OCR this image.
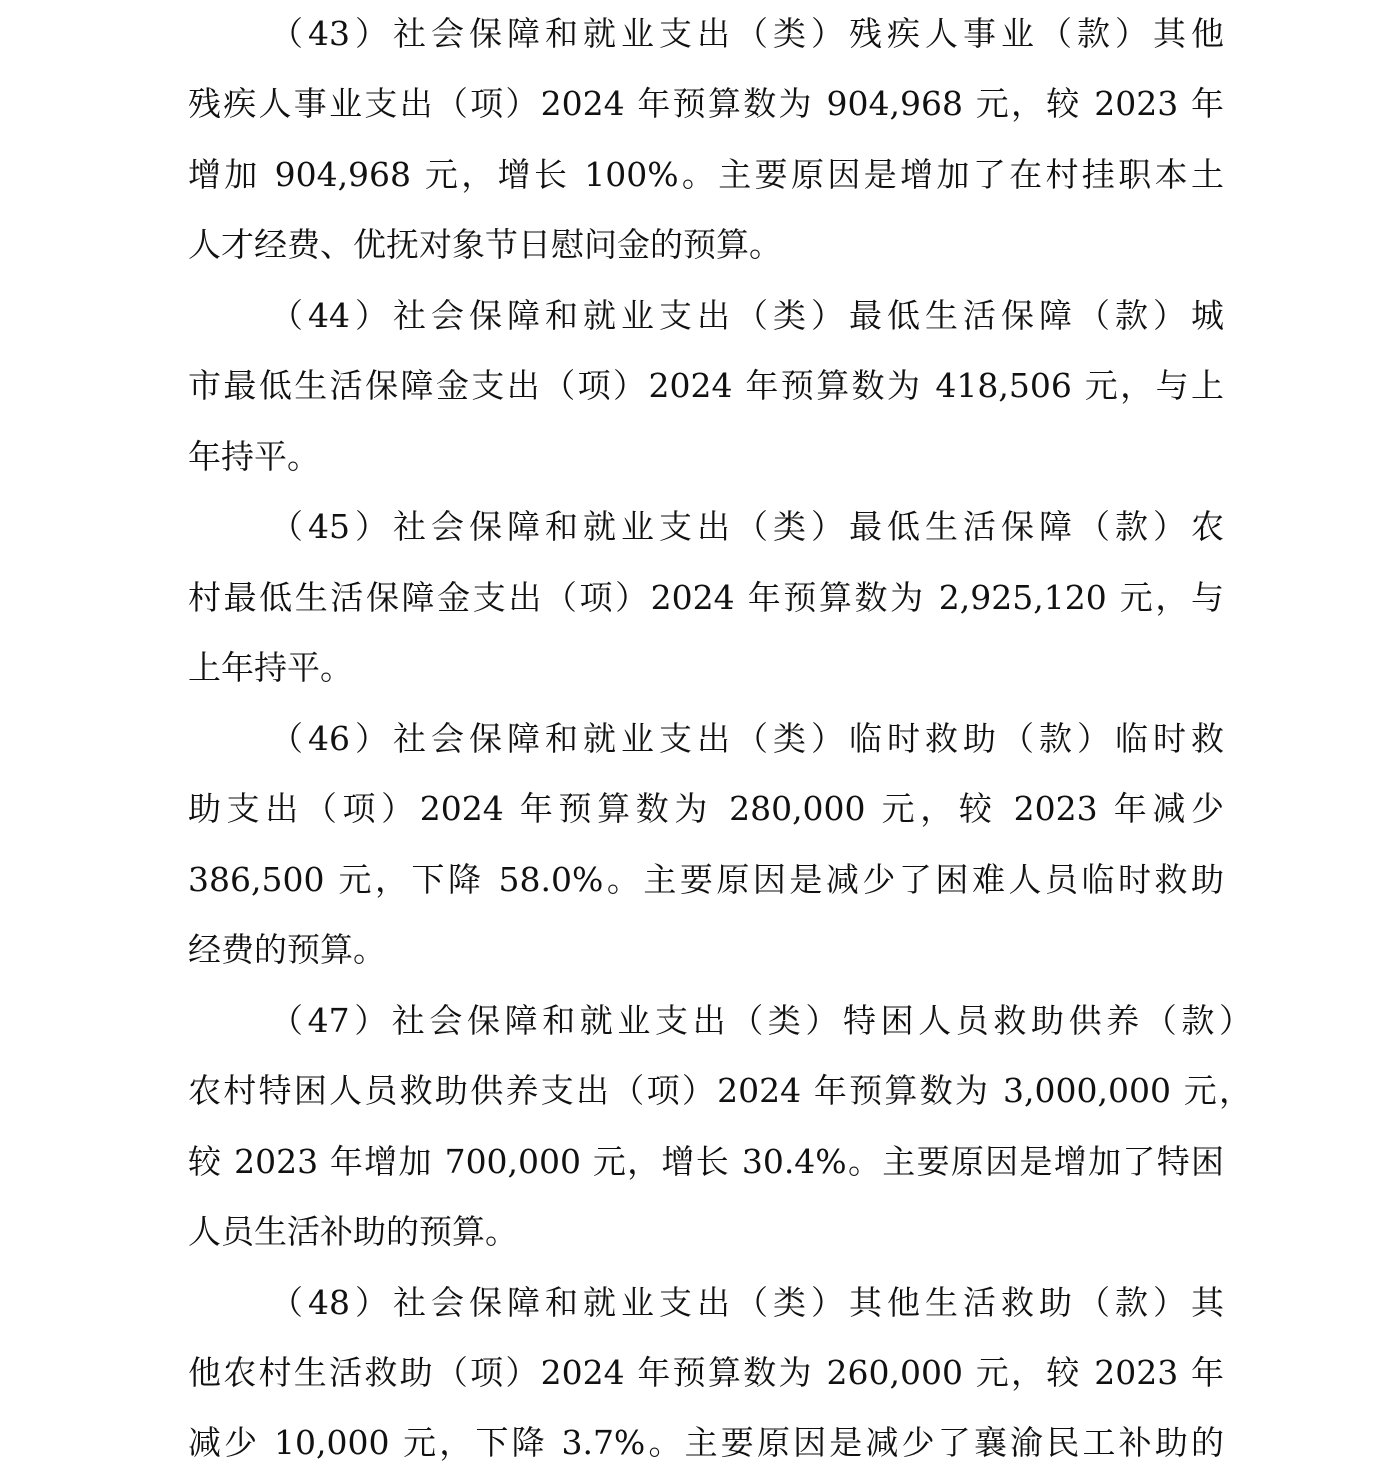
（43）社会保障和就业支出（类）残疾人事业（款）其他
残疾人事业支出（项）2024 年预算数为 904,968 元，较 2023 年
增加 904,968 元，增长 100%。主要原因是增加了在村挂职本土
人才经费、优抚对象节日慰问金的预算。
（44）社会保障和就业支出（类）最低生活保障（款）城
市最低生活保障金支出（项）2024 年预算数为 418,506 元，与上
年持平。
（45）社会保障和就业支出（类）最低生活保障（款）农
村最低生活保障金支出（项）2024 年预算数为 2,925,120 元，与
上年持平。
（46）社会保障和就业支出（类）临时救助（款）临时救
助支出（项）2024 年预算数为 280,000 元，较 2023 年减少
386,500 元，下降 58.0%。主要原因是减少了困难人员临时救助
经费的预算。
（47）社会保障和就业支出（类）特困人员救助供养（款）
农村特困人员救助供养支出（项）2024 年预算数为 3,000,000 元，
较 2023 年增加 700,000 元，增长 30.4%。主要原因是增加了特困
人员生活补助的预算。
（48）社会保障和就业支出（类）其他生活救助（款）其
他农村生活救助（项）2024 年预算数为 260,000 元，较 2023 年
减少 10,000 元，下降 3.7%。主要原因是减少了襄渝民工补助的
